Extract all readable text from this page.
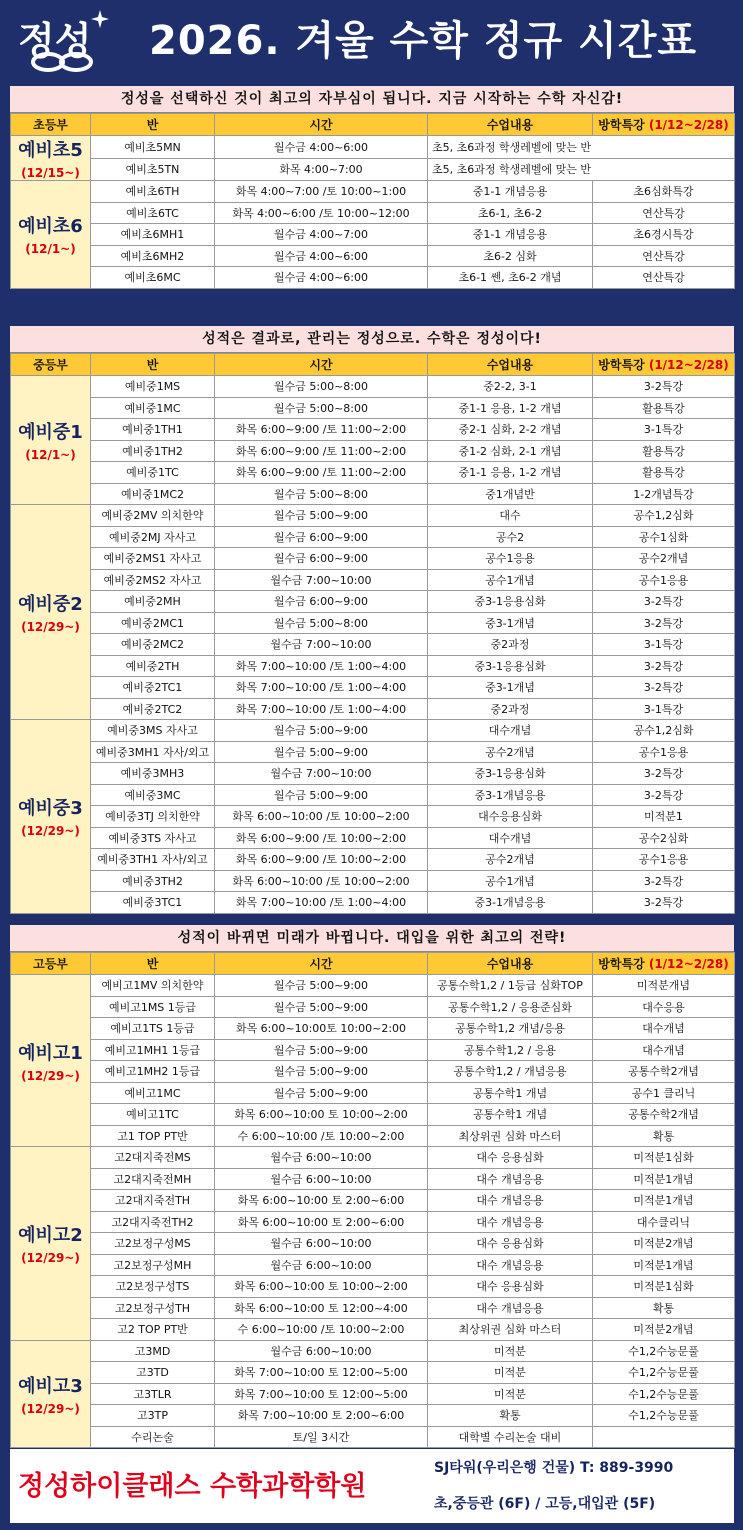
정성	2026. 겨울 수학 정규 시간표
정성을 선택하신 것이 최고의 자부심이 됩니다. 지금 시작하는 수학 자신감!
초등부	반	시간	수업내용	방학특강 (1/12~2/28)

예비초5
(12/15~)	예비초5MN	월수금 4:00~6:00	초5, 초6과정 학생레벨에 맞는 반	
	예비초5TN	화목 4:00~7:00	초5, 초6과정 학생레벨에 맞는 반	

예비초6
(12/1~)	예비초6TH	화목 4:00~7:00 /토 10:00~1:00	중1-1 개념응용	초6심화특강
	예비초6TC	화목 4:00~6:00 /토 10:00~12:00	초6-1, 초6-2	연산특강
	예비초6MH1	월수금 4:00~7:00	중1-1 개념응용	초6경시특강
	예비초6MH2	월수금 4:00~6:00	초6-2 심화	연산특강
	예비초6MC	월수금 4:00~6:00	초6-1 쎈, 초6-2 개념	연산특강
성적은 결과로, 관리는 정성으로. 수학은 정성이다!
중등부	반	시간	수업내용	방학특강 (1/12~2/28)

예비중1
(12/1~)	예비중1MS	월수금 5:00~8:00	중2-2, 3-1	3-2특강
	예비중1MC	월수금 5:00~8:00	중1-1 응용, 1-2 개념	활용특강
	예비중1TH1	화목 6:00~9:00 /토 11:00~2:00	중2-1 심화, 2-2 개념	3-1특강
	예비중1TH2	화목 6:00~9:00 /토 11:00~2:00	중1-2 심화, 2-1 개념	활용특강
	예비중1TC	화목 6:00~9:00 /토 11:00~2:00	중1-1 응용, 1-2 개념	활용특강
	예비중1MC2	월수금 5:00~8:00	중1개념반	1-2개념특강

예비중2
(12/29~)	예비중2MV 의치한약	월수금 5:00~9:00	대수	공수1,2심화
	예비중2MJ 자사고	월수금 6:00~9:00	공수2	공수1심화
	예비중2MS1 자사고	월수금 6:00~9:00	공수1응용	공수2개념
	예비중2MS2 자사고	월수금 7:00~10:00	공수1개념	공수1응용
	예비중2MH	월수금 6:00~9:00	중3-1응용심화	3-2특강
	예비중2MC1	월수금 5:00~8:00	중3-1개념	3-2특강
	예비중2MC2	월수금 7:00~10:00	중2과정	3-1특강
	예비중2TH	화목 7:00~10:00 /토 1:00~4:00	중3-1응용심화	3-2특강
	예비중2TC1	화목 7:00~10:00 /토 1:00~4:00	중3-1개념	3-2특강
	예비중2TC2	화목 7:00~10:00 /토 1:00~4:00	중2과정	3-1특강

예비중3
(12/29~)	예비중3MS 자사고	월수금 5:00~9:00	대수개념	공수1,2심화
	예비중3MH1 자사/외고	월수금 5:00~9:00	공수2개념	공수1응용
	예비중3MH3	월수금 7:00~10:00	중3-1응용심화	3-2특강
	예비중3MC	월수금 5:00~9:00	중3-1개념응용	3-2특강
	예비중3TJ 의치한약	화목 6:00~10:00 /토 10:00~2:00	대수응용심화	미적분1
	예비중3TS 자사고	화목 6:00~9:00 /토 10:00~2:00	대수개념	공수2심화
	예비중3TH1 자사/외고	화목 6:00~9:00 /토 10:00~2:00	공수2개념	공수1응용
	예비중3TH2	화목 6:00~10:00 /토 10:00~2:00	공수1개념	3-2특강
	예비중3TC1	화목 7:00~10:00 /토 1:00~4:00	중3-1개념응용	3-2특강
성적이 바뀌면 미래가 바뀝니다. 대입을 위한 최고의 전략!
고등부	반	시간	수업내용	방학특강 (1/12~2/28)

예비고1
(12/29~)	예비고1MV 의치한약	월수금 5:00~9:00	공통수학1,2 / 1등급 심화TOP	미적분개념
	예비고1MS 1등급	월수금 5:00~9:00	공통수학1,2 / 응용준심화	대수응용
	예비고1TS 1등급	화목 6:00~10:00토 10:00~2:00	공통수학1,2 개념/응용	대수개념
	예비고1MH1 1등급	월수금 5:00~9:00	공통수학1,2 / 응용	대수개념
	예비고1MH2 1등급	월수금 5:00~9:00	공통수학1,2 / 개념응용	공통수학2개념
	예비고1MC	월수금 5:00~9:00	공통수학1 개념	공수1 클리닉
	예비고1TC	화목 6:00~10:00 토 10:00~2:00	공통수학1 개념	공통수학2개념
	고1 TOP PT반	수 6:00~10:00 /토 10:00~2:00	최상위권 심화 마스터	확통

예비고2
(12/29~)	고2대지죽전MS	월수금 6:00~10:00	대수 응용심화	미적분1심화
	고2대지죽전MH	월수금 6:00~10:00	대수 개념응용	미적분1개념
	고2대지죽전TH	화목 6:00~10:00 토 2:00~6:00	대수 개념응용	미적분1개념
	고2대지죽전TH2	화목 6:00~10:00 토 2:00~6:00	대수 개념응용	대수클리닉
	고2보정구성MS	월수금 6:00~10:00	대수 응용심화	미적분2개념
	고2보정구성MH	월수금 6:00~10:00	대수 개념응용	미적분1개념
	고2보정구성TS	화목 6:00~10:00 토 10:00~2:00	대수 응용심화	미적분1심화
	고2보정구성TH	화목 6:00~10:00 토 12:00~4:00	대수 개념응용	확통
	고2 TOP PT반	수 6:00~10:00 /토 10:00~2:00	최상위권 심화 마스터	미적분2개념

예비고3
(12/29~)	고3MD	월수금 6:00~10:00	미적분	수1,2수능문풀
	고3TD	화목 7:00~10:00 토 12:00~5:00	미적분	수1,2수능문풀
	고3TLR	화목 7:00~10:00 토 12:00~5:00	미적분	수1,2수능문풀
	고3TP	화목 7:00~10:00 토 2:00~6:00	확통	수1,2수능문풀
	수리논술	토/일 3시간	대학별 수리논술 대비	
정성하이클래스 수학과학학원
SJ타워(우리은행 건물) T: 889-3990
초,중등관 (6F) / 고등,대입관 (5F)
